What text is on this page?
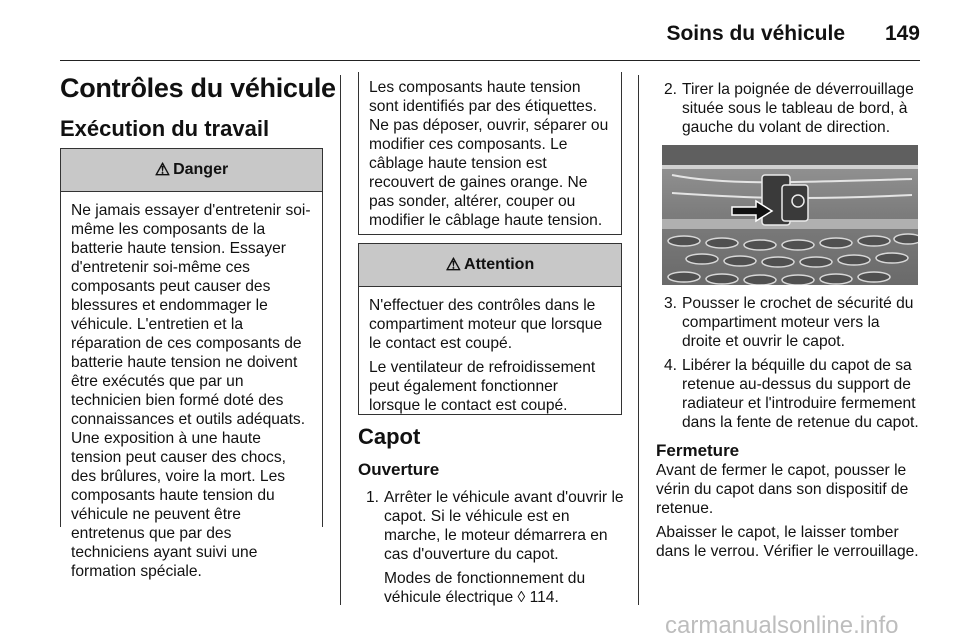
Soins du véhicule 149
Contrôles du véhicule
Exécution du travail
⚠ Danger
Ne jamais essayer d'entretenir soi-même les composants de la batterie haute tension. Essayer d'entretenir soi-même ces composants peut causer des blessures et endommager le véhicule. L'entretien et la réparation de ces composants de batterie haute tension ne doivent être exécutés que par un technicien bien formé doté des connaissances et outils adéquats. Une exposition à une haute tension peut causer des chocs, des brûlures, voire la mort. Les composants haute tension du véhicule ne peuvent être entretenus que par des techniciens ayant suivi une formation spéciale.
Les composants haute tension sont identifiés par des étiquettes. Ne pas déposer, ouvrir, séparer ou modifier ces composants. Le câblage haute tension est recouvert de gaines orange. Ne pas sonder, altérer, couper ou modifier le câblage haute tension.
⚠ Attention

N'effectuer des contrôles dans le compartiment moteur que lorsque le contact est coupé.

Le ventilateur de refroidissement peut également fonctionner lorsque le contact est coupé.

Capot
Ouverture
1. Arrêter le véhicule avant d'ouvrir le capot. Si le véhicule est en marche, le moteur démarrera en cas d'ouverture du capot.
Modes de fonctionnement du véhicule électrique ◊ 114.
2. Tirer la poignée de déverrouillage située sous le tableau de bord, à gauche du volant de direction.
3. Pousser le crochet de sécurité du compartiment moteur vers la droite et ouvrir le capot.
4. Libérer la béquille du capot de sa retenue au-dessus du support de radiateur et l'introduire fermement dans la fente de retenue du capot.
Fermeture

Avant de fermer le capot, pousser le vérin du capot dans son dispositif de retenue.

Abaisser le capot, le laisser tomber dans le verrou. Vérifier le verrouillage.

carmanualsonline.info
